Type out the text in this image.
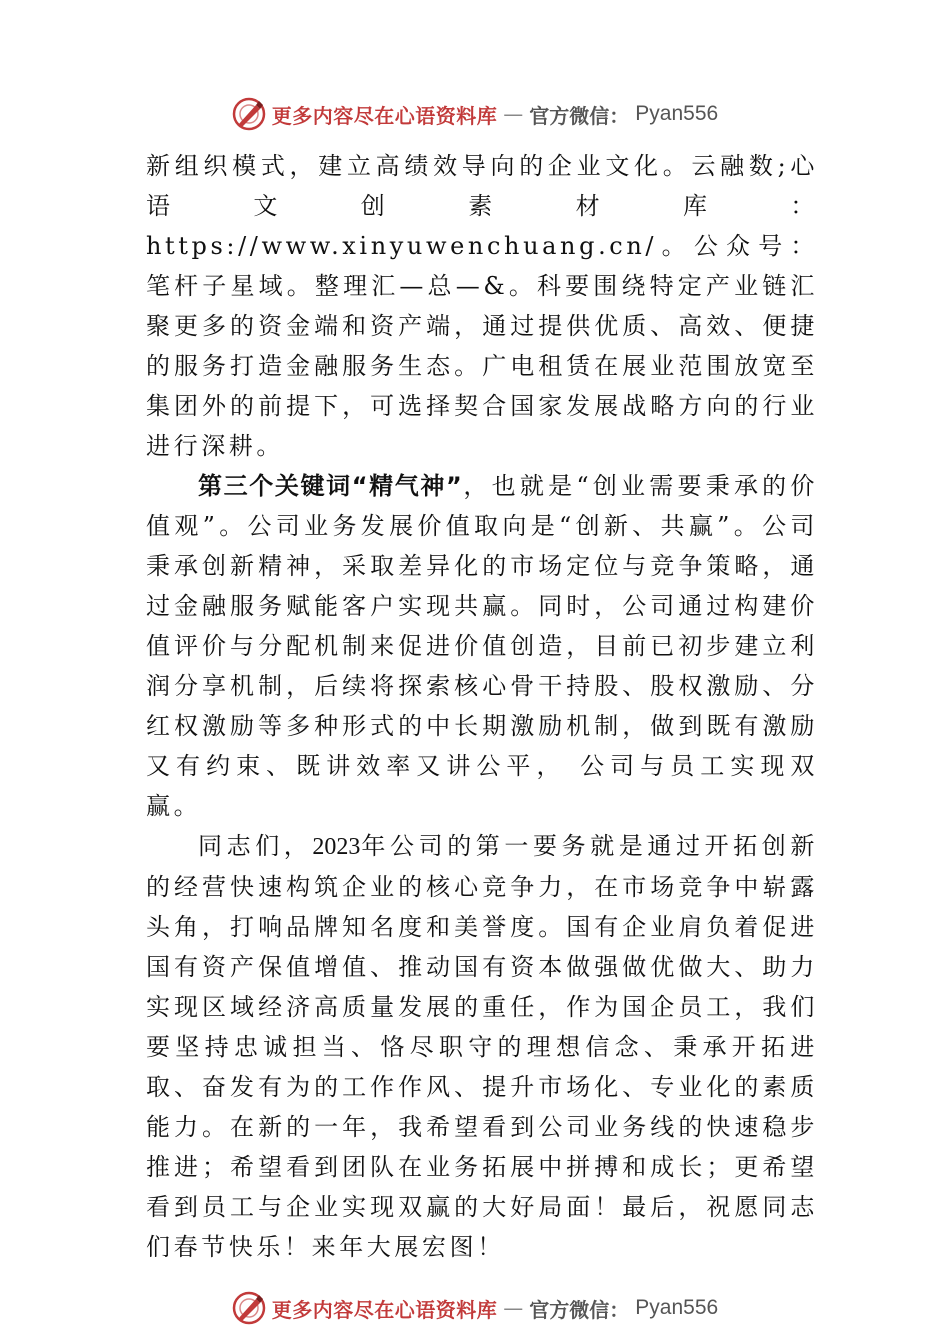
更多内容尽在心语资料库 — 官方微信： Pyan556

新组织模式，建立高绩效导向的企业文化。云融数;心语文创素材库：https://www.xinyuwenchuang.cn/。公众号：笔杆子星域。整理汇—总—&。科要围绕特定产业链汇聚更多的资金端和资产端，通过提供优质、高效、便捷的服务打造金融服务生态。广电租赁在展业范围放宽至集团外的前提下，可选择契合国家发展战略方向的行业进行深耕。

第三个关键词“精气神”，也就是“创业需要秉承的价值观”。公司业务发展价值取向是“创新、共赢”。公司秉承创新精神，采取差异化的市场定位与竞争策略，通过金融服务赋能客户实现共赢。同时，公司通过构建价值评价与分配机制来促进价值创造，目前已初步建立利润分享机制，后续将探索核心骨干持股、股权激励、分红权激励等多种形式的中长期激励机制，做到既有激励又有约束、既讲效率又讲公平， 公司与员工实现双赢。

同志们，2023年公司的第一要务就是通过开拓创新的经营快速构筑企业的核心竞争力，在市场竞争中崭露头角，打响品牌知名度和美誉度。国有企业肩负着促进国有资产保值增值、推动国有资本做强做优做大、助力实现区域经济高质量发展的重任，作为国企员工，我们要坚持忠诚担当、恪尽职守的理想信念、秉承开拓进取、奋发有为的工作作风、提升市场化、专业化的素质能力。在新的一年，我希望看到公司业务线的快速稳步推进；希望看到团队在业务拓展中拼搏和成长；更希望看到员工与企业实现双赢的大好局面！最后，祝愿同志们春节快乐！来年大展宏图！

更多内容尽在心语资料库 — 官方微信： Pyan556
